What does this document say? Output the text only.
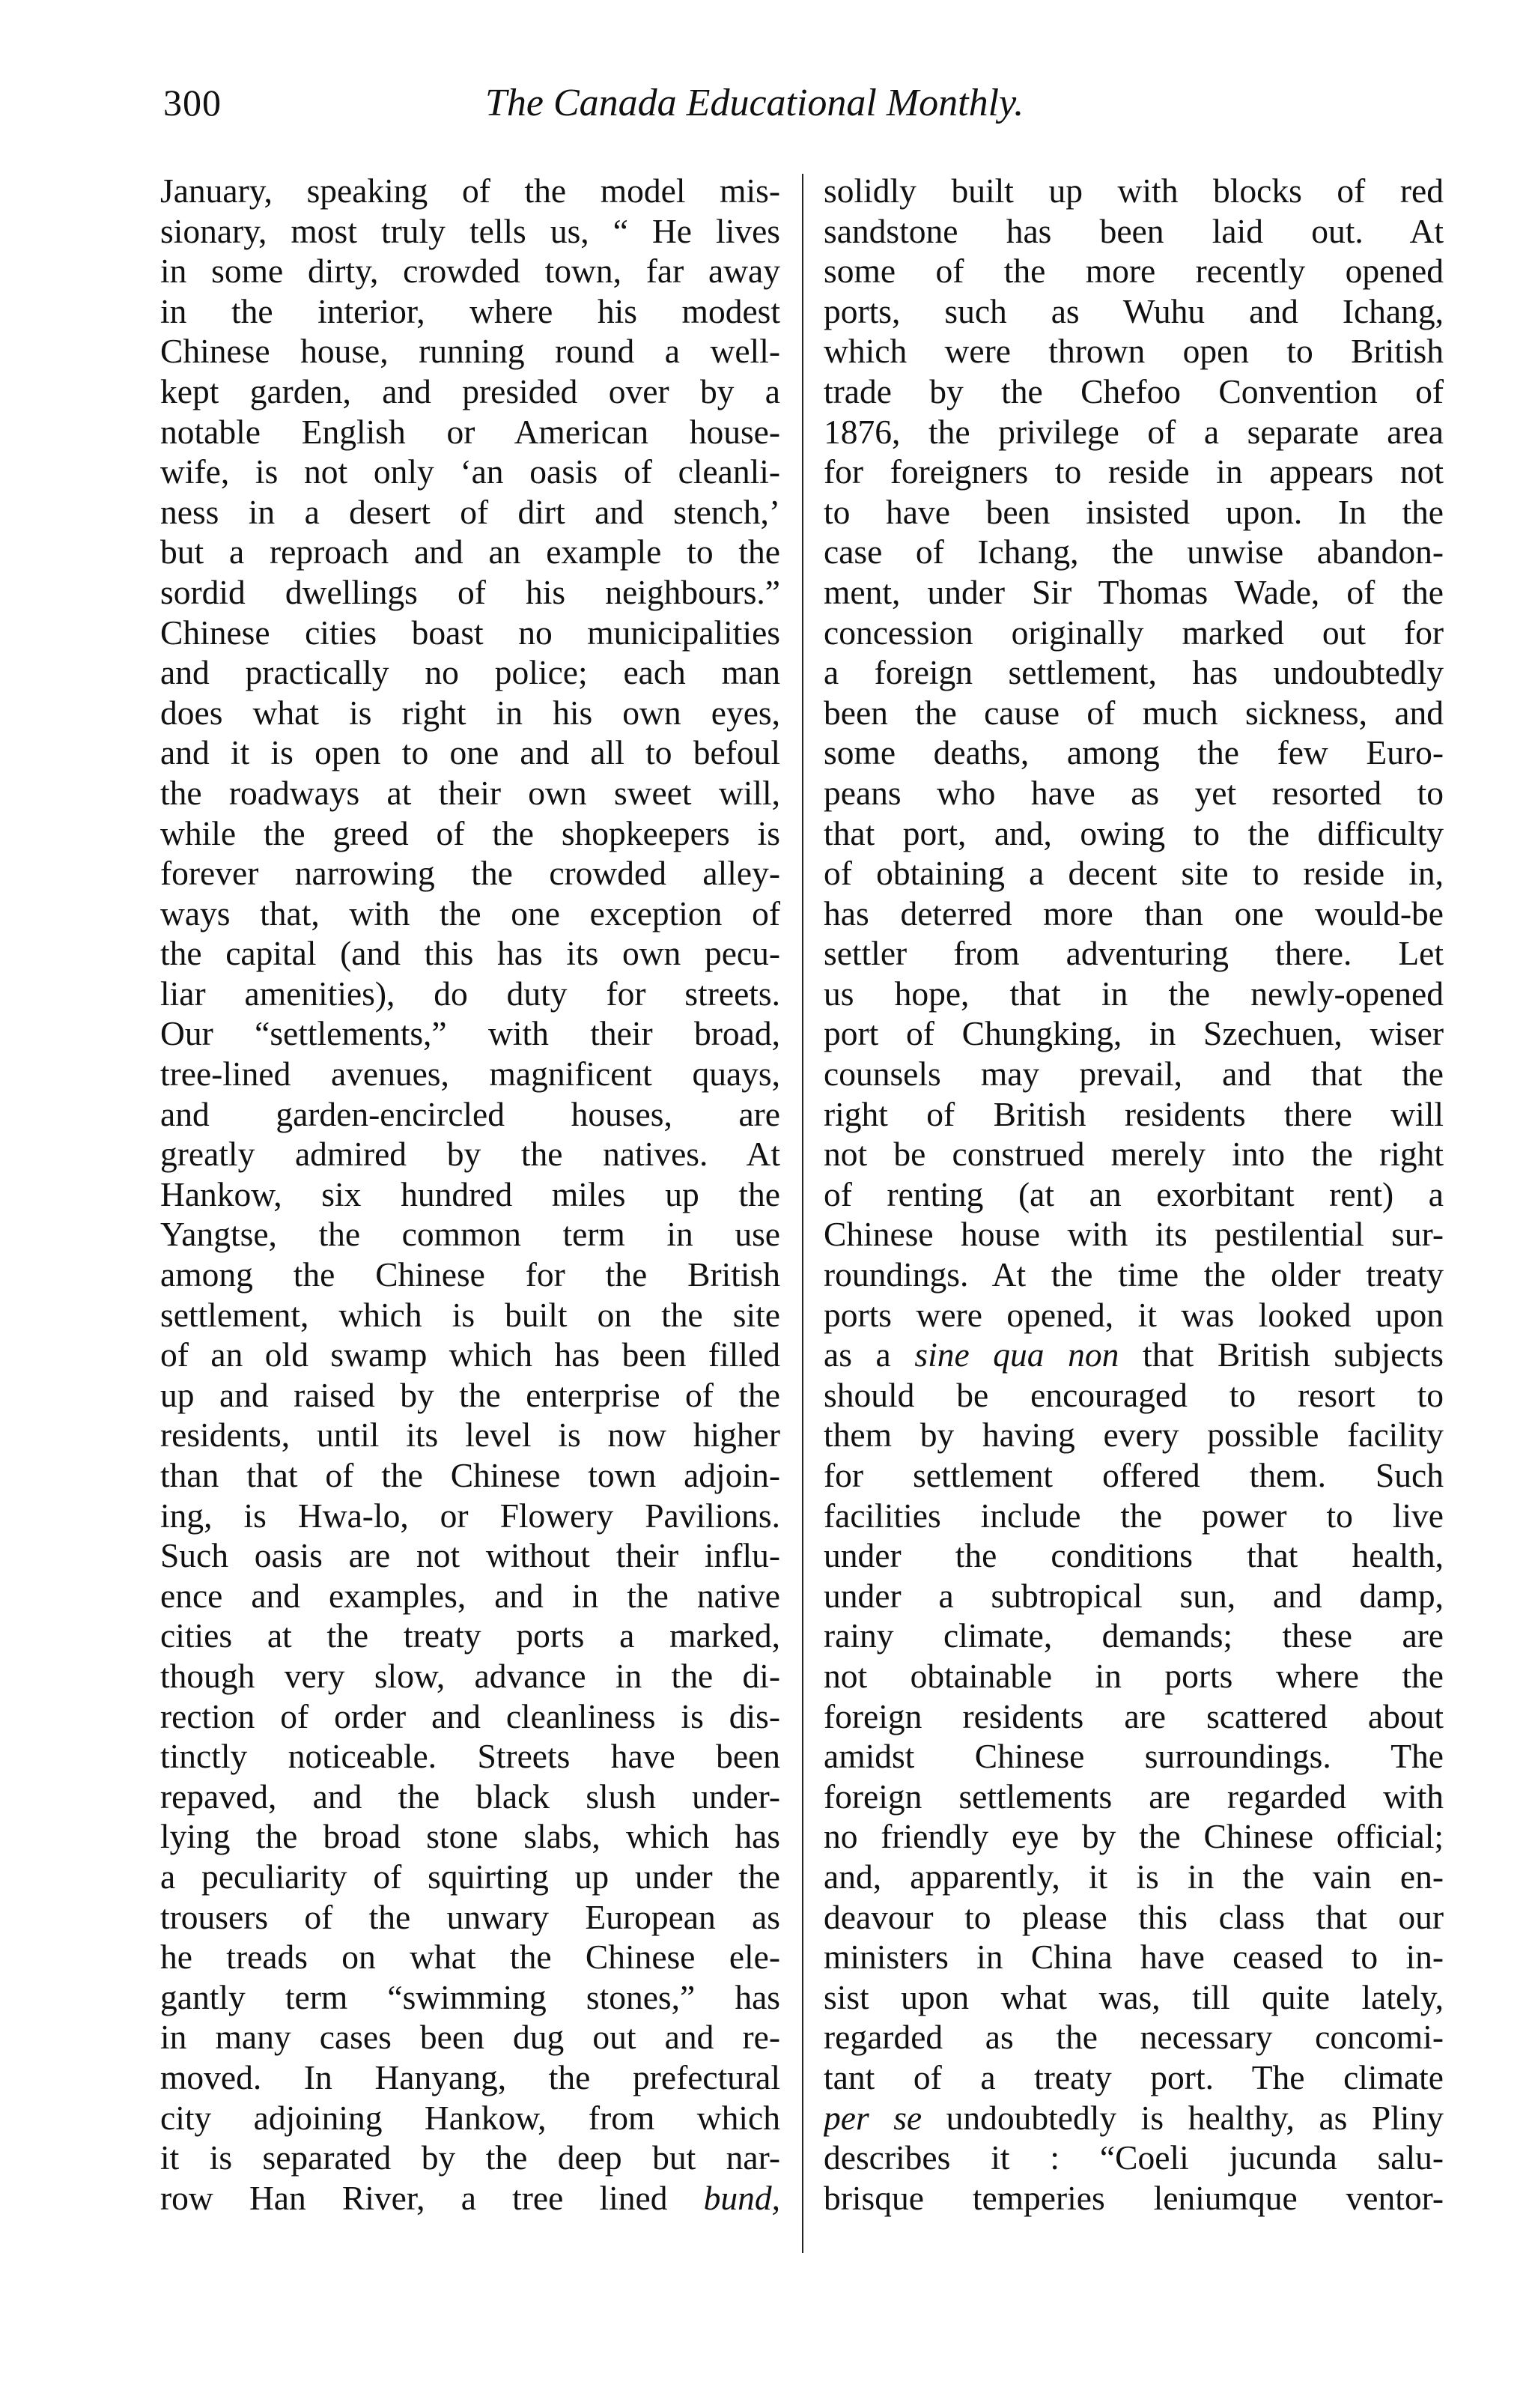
300	The Canada Educational Monthly.
January, speaking of the model mis-
sionary, most truly tells us, “ He lives
in some dirty, crowded town, far away
in the interior, where his modest
Chinese house, running round a well-
kept garden, and presided over by a
notable English or American house-
wife, is not only ‘an oasis of cleanli-
ness in a desert of dirt and stench,’
but a reproach and an example to the
sordid dwellings of his neighbours.”
Chinese cities boast no municipalities
and practically no police; each man
does what is right in his own eyes,
and it is open to one and all to befoul
the roadways at their own sweet will,
while the greed of the shopkeepers is
forever narrowing the crowded alley-
ways that, with the one exception of
the capital (and this has its own pecu-
liar amenities), do duty for streets.
Our “settlements,” with their broad,
tree-lined avenues, magnificent quays,
and garden-encircled houses, are
greatly admired by the natives. At
Hankow, six hundred miles up the
Yangtse, the common term in use
among the Chinese for the British
settlement, which is built on the site
of an old swamp which has been filled
up and raised by the enterprise of the
residents, until its level is now higher
than that of the Chinese town adjoin-
ing, is Hwa-lo, or Flowery Pavilions.
Such oasis are not without their influ-
ence and examples, and in the native
cities at the treaty ports a marked,
though very slow, advance in the di-
rection of order and cleanliness is dis-
tinctly noticeable. Streets have been
repaved, and the black slush under-
lying the broad stone slabs, which has
a peculiarity of squirting up under the
trousers of the unwary European as
he treads on what the Chinese ele-
gantly term “swimming stones,” has
in many cases been dug out and re-
moved. In Hanyang, the prefectural
city adjoining Hankow, from which
it is separated by the deep but nar-
row Han River, a tree lined bund,
solidly built up with blocks of red
sandstone has been laid out. At
some of the more recently opened
ports, such as Wuhu and Ichang,
which were thrown open to British
trade by the Chefoo Convention of
1876, the privilege of a separate area
for foreigners to reside in appears not
to have been insisted upon. In the
case of Ichang, the unwise abandon-
ment, under Sir Thomas Wade, of the
concession originally marked out for
a foreign settlement, has undoubtedly
been the cause of much sickness, and
some deaths, among the few Euro-
peans who have as yet resorted to
that port, and, owing to the difficulty
of obtaining a decent site to reside in,
has deterred more than one would-be
settler from adventuring there. Let
us hope, that in the newly-opened
port of Chungking, in Szechuen, wiser
counsels may prevail, and that the
right of British residents there will
not be construed merely into the right
of renting (at an exorbitant rent) a
Chinese house with its pestilential sur-
roundings. At the time the older treaty
ports were opened, it was looked upon
as a sine qua non that British subjects
should be encouraged to resort to
them by having every possible facility
for settlement offered them. Such
facilities include the power to live
under the conditions that health,
under a subtropical sun, and damp,
rainy climate, demands; these are
not obtainable in ports where the
foreign residents are scattered about
amidst Chinese surroundings. The
foreign settlements are regarded with
no friendly eye by the Chinese official;
and, apparently, it is in the vain en-
deavour to please this class that our
ministers in China have ceased to in-
sist upon what was, till quite lately,
regarded as the necessary concomi-
tant of a treaty port. The climate
per se undoubtedly is healthy, as Pliny
describes it : “Coeli jucunda salu-
brisque temperies leniumque ventor-
